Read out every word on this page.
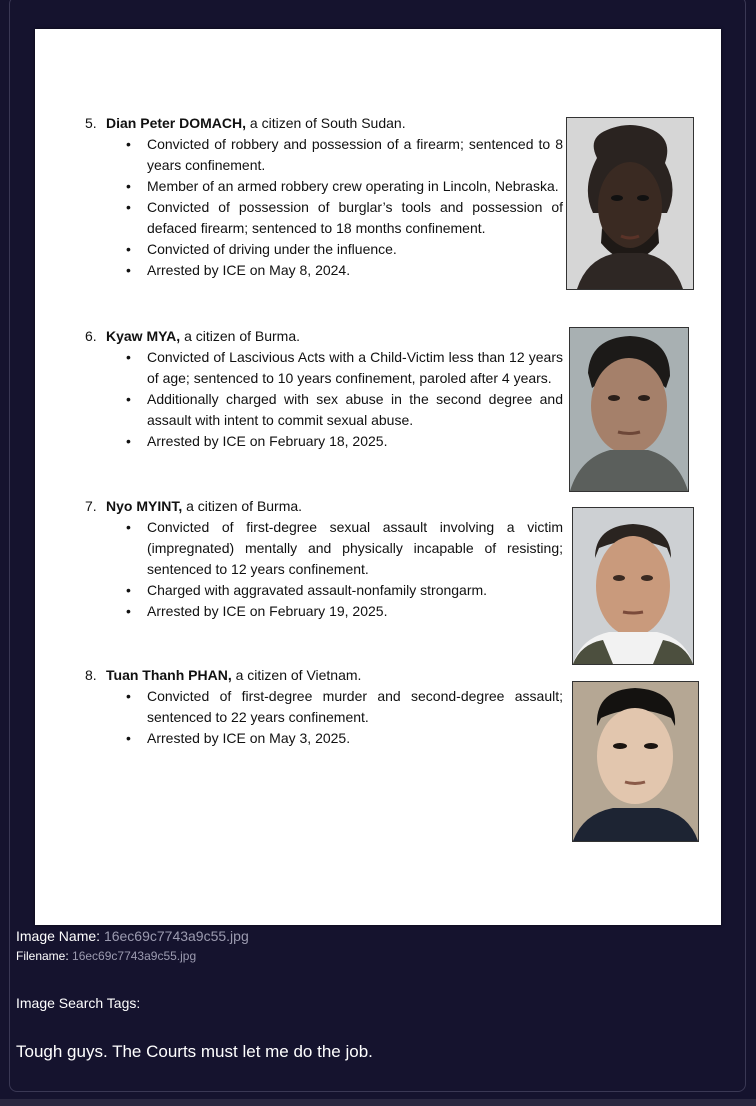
5. Dian Peter DOMACH, a citizen of South Sudan.
• Convicted of robbery and possession of a firearm; sentenced to 8 years confinement.
• Member of an armed robbery crew operating in Lincoln, Nebraska.
• Convicted of possession of burglar’s tools and possession of defaced firearm; sentenced to 18 months confinement.
• Convicted of driving under the influence.
• Arrested by ICE on May 8, 2024.
6. Kyaw MYA, a citizen of Burma.
• Convicted of Lascivious Acts with a Child-Victim less than 12 years of age; sentenced to 10 years confinement, paroled after 4 years.
• Additionally charged with sex abuse in the second degree and assault with intent to commit sexual abuse.
• Arrested by ICE on February 18, 2025.
7. Nyo MYINT, a citizen of Burma.
• Convicted of first-degree sexual assault involving a victim (impregnated) mentally and physically incapable of resisting; sentenced to 12 years confinement.
• Charged with aggravated assault-nonfamily strongarm.
• Arrested by ICE on February 19, 2025.
8. Tuan Thanh PHAN, a citizen of Vietnam.
• Convicted of first-degree murder and second-degree assault; sentenced to 22 years confinement.
• Arrested by ICE on May 3, 2025.
Image Name: 16ec69c7743a9c55.jpg
Filename: 16ec69c7743a9c55.jpg
Image Search Tags:
Tough guys. The Courts must let me do the job.
